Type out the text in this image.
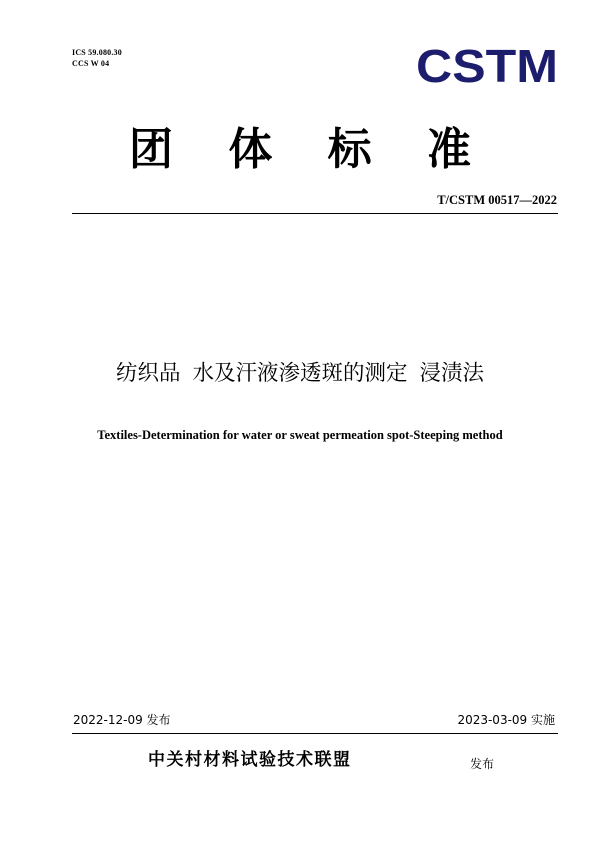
ICS 59.080.30
CCS W 04	CSTM
团 体 标 准
T/CSTM 00517—2022
纺织品 水及汗液渗透斑的测定 浸渍法
Textiles-Determination for water or sweat permeation spot-Steeping method
2022-12-09 发布	2023-03-09 实施
中关村材料试验技术联盟	发布
